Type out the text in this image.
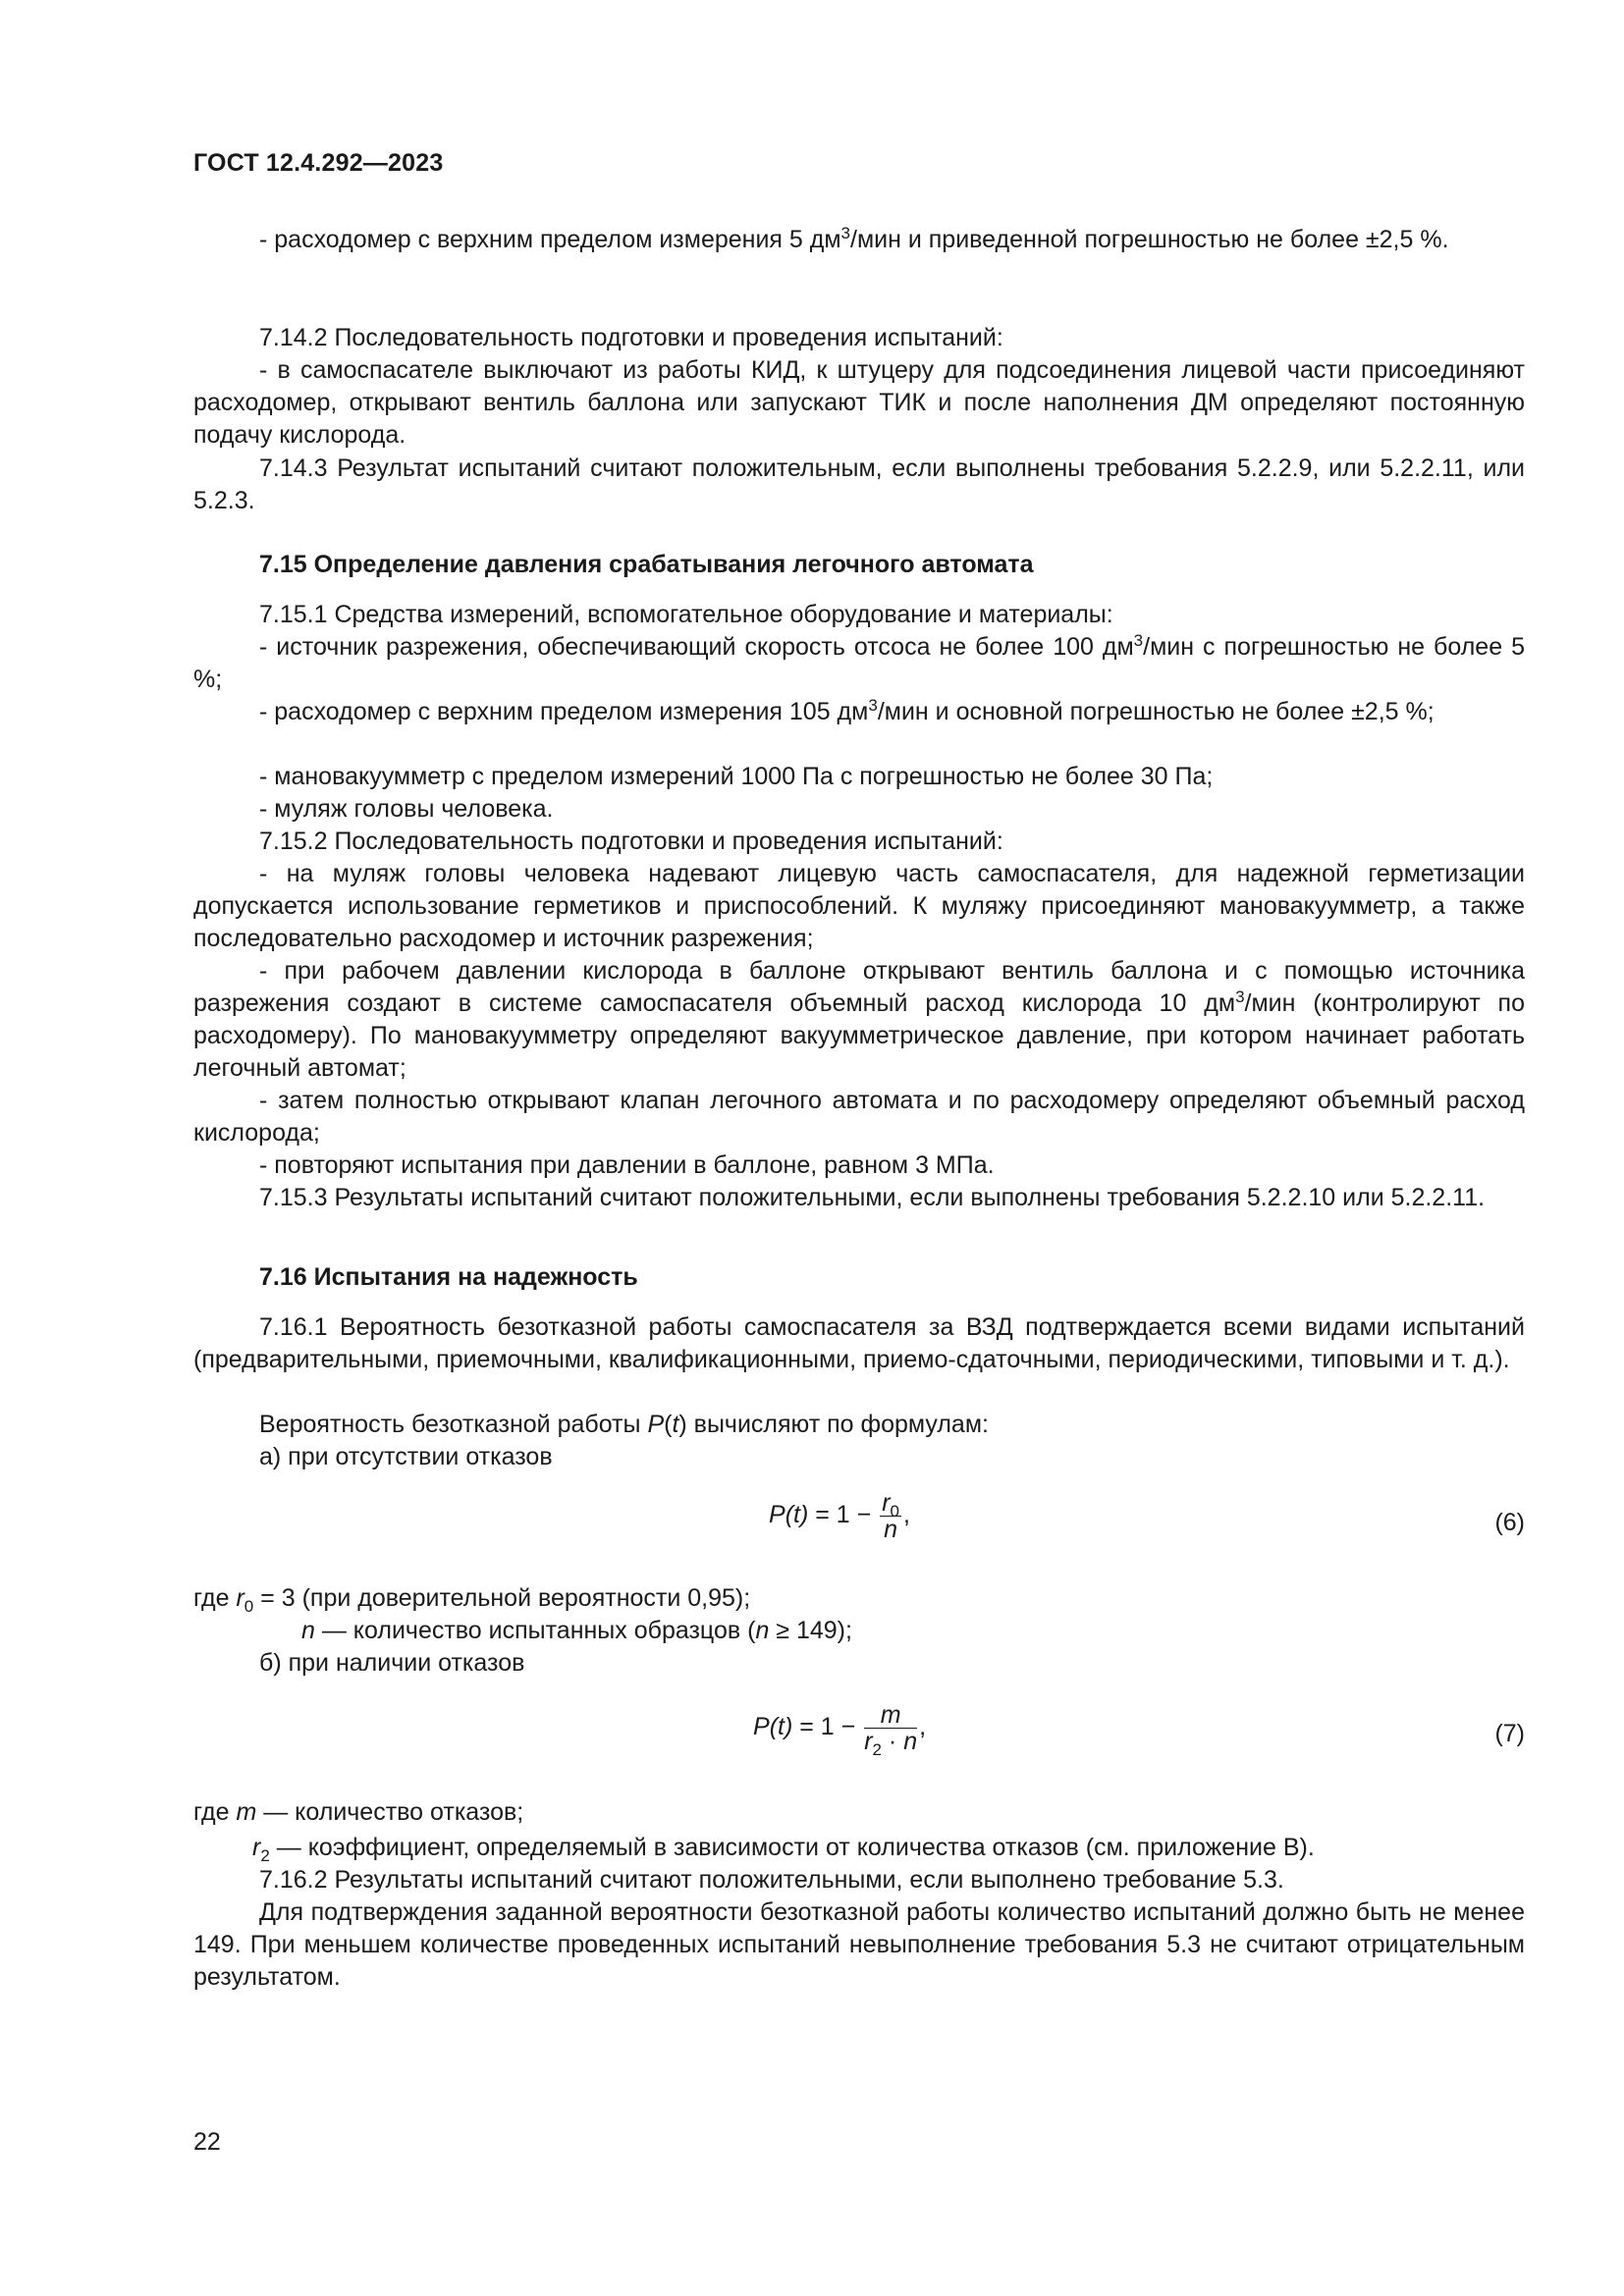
ГОСТ 12.4.292—2023
- расходомер с верхним пределом измерения 5 $дм^3$/мин и приведенной погрешностью не более ±2,5 %.
7.14.2 Последовательность подготовки и проведения испытаний:
- в самоспасателе выключают из работы КИД, к штуцеру для подсоединения лицевой части присоединяют расходомер, открывают вентиль баллона или запускают ТИК и после наполнения ДМ определяют постоянную подачу кислорода.
7.14.3 Результат испытаний считают положительным, если выполнены требования 5.2.2.9, или 5.2.2.11, или 5.2.3.
7.15 Определение давления срабатывания легочного автомата
7.15.1 Средства измерений, вспомогательное оборудование и материалы:
- источник разрежения, обеспечивающий скорость отсоса не более 100 $дм^3$/мин с погрешностью не более 5 %;
- расходомер с верхним пределом измерения 105 $дм^3$/мин и основной погрешностью не более ±2,5 %;
- мановакуумметр с пределом измерений 1000 Па с погрешностью не более 30 Па;
- муляж головы человека.
7.15.2 Последовательность подготовки и проведения испытаний:
- на муляж головы человека надевают лицевую часть самоспасателя, для надежной герметизации допускается использование герметиков и приспособлений. К муляжу присоединяют мановакуумметр, а также последовательно расходомер и источник разрежения;
- при рабочем давлении кислорода в баллоне открывают вентиль баллона и с помощью источника разрежения создают в системе самоспасателя объемный расход кислорода 10 $дм^3$/мин (контролируют по расходомеру). По мановакуумметру определяют вакуумметрическое давление, при котором начинает работать легочный автомат;
- затем полностью открывают клапан легочного автомата и по расходомеру определяют объемный расход кислорода;
- повторяют испытания при давлении в баллоне, равном 3 МПа.
7.15.3 Результаты испытаний считают положительными, если выполнены требования 5.2.2.10 или 5.2.2.11.
7.16 Испытания на надежность
7.16.1 Вероятность безотказной работы самоспасателя за ВЗД подтверждается всеми видами испытаний (предварительными, приемочными, квалификационными, приемо-сдаточными, периодическими, типовыми и т. д.).
Вероятность безотказной работы P(t) вычисляют по формулам:
а) при отсутствии отказов
$P(t) = 1 - \frac{r_0}{n}$ ,	(6)
где $r_0 = 3$ (при доверительной вероятности 0,95);
n — количество испытанных образцов (n ≥ 149);
б) при наличии отказов
$P(t) = 1 - \frac{m}{r_2 \cdot n}$ ,	(7)
где m — количество отказов;
$r_2$ — коэффициент, определяемый в зависимости от количества отказов (см. приложение В).
7.16.2 Результаты испытаний считают положительными, если выполнено требование 5.3.
Для подтверждения заданной вероятности безотказной работы количество испытаний должно быть не менее 149. При меньшем количестве проведенных испытаний невыполнение требования 5.3 не считают отрицательным результатом.
22
